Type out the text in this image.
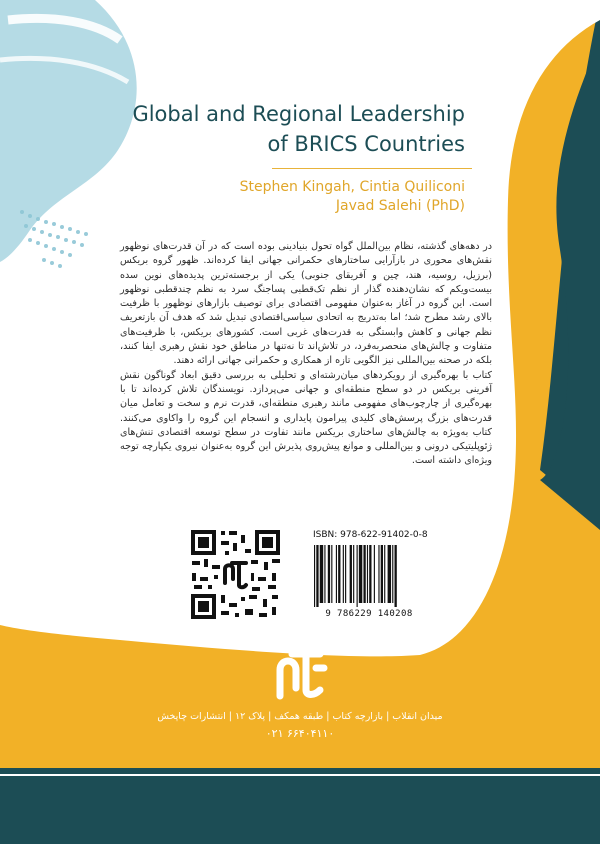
Global and Regional Leadership
of BRICS Countries
Stephen Kingah, Cintia Quiliconi
Javad Salehi (PhD)

در دهه‌های گذشته، نظام بین‌الملل گواه تحول بنیادینی بوده است که در آن قدرت‌های نوظهور نقش‌های محوری در بازآرایی ساختارهای حکمرانی جهانی ایفا کرده‌اند. ظهور گروه بریکس (برزیل، روسیه، هند، چین و آفریقای جنوبی) یکی از برجسته‌ترین پدیده‌های نوین سده بیست‌ویکم که نشان‌دهنده گذار از نظم تک‌قطبی پساجنگ سرد به نظم چندقطبی نوظهور است. این گروه در آغاز به‌عنوان مفهومی اقتصادی برای توصیف بازارهای نوظهور با ظرفیت بالای رشد مطرح شد؛ اما به‌تدریج به اتحادی سیاسی‌اقتصادی تبدیل شد که هدف آن بازتعریف نظم جهانی و کاهش وابستگی به قدرت‌های غربی است. کشورهای بریکس، با ظرفیت‌های متفاوت و چالش‌های منحصربه‌فرد، در تلاش‌اند تا نه‌تنها در مناطق خود نقش رهبری ایفا کنند، بلکه در صحنه بین‌المللی نیز الگویی تازه از همکاری و حکمرانی جهانی ارائه دهند.

کتاب با بهره‌گیری از رویکردهای میان‌رشته‌ای و تحلیلی به بررسی دقیق ابعاد گوناگون نقش آفرینی بریکس در دو سطح منطقه‌ای و جهانی می‌پردازد. نویسندگان تلاش کرده‌اند تا با بهره‌گیری از چارچوب‌های مفهومی مانند رهبری منطقه‌ای، قدرت نرم و سخت و تعامل میان قدرت‌های بزرگ پرسش‌های کلیدی پیرامون پایداری و انسجام این گروه را واکاوی می‌کنند. کتاب به‌ویژه به چالش‌های ساختاری بریکس مانند تفاوت در سطح توسعه اقتصادی تنش‌های ژئوپلیتیکی درونی و بین‌المللی و موانع پیش‌روی پذیرش این گروه به‌عنوان نیروی یکپارچه توجه ویژه‌ای داشته است.

ISBN: 978-622-91402-0-8
9 786229 140208
میدان انقلاب | بازارچه کتاب | طبقه همکف | پلاک ۱۲ | انتشارات چاپخش
۰۲۱ ۶۶۴۰۴۱۱۰
